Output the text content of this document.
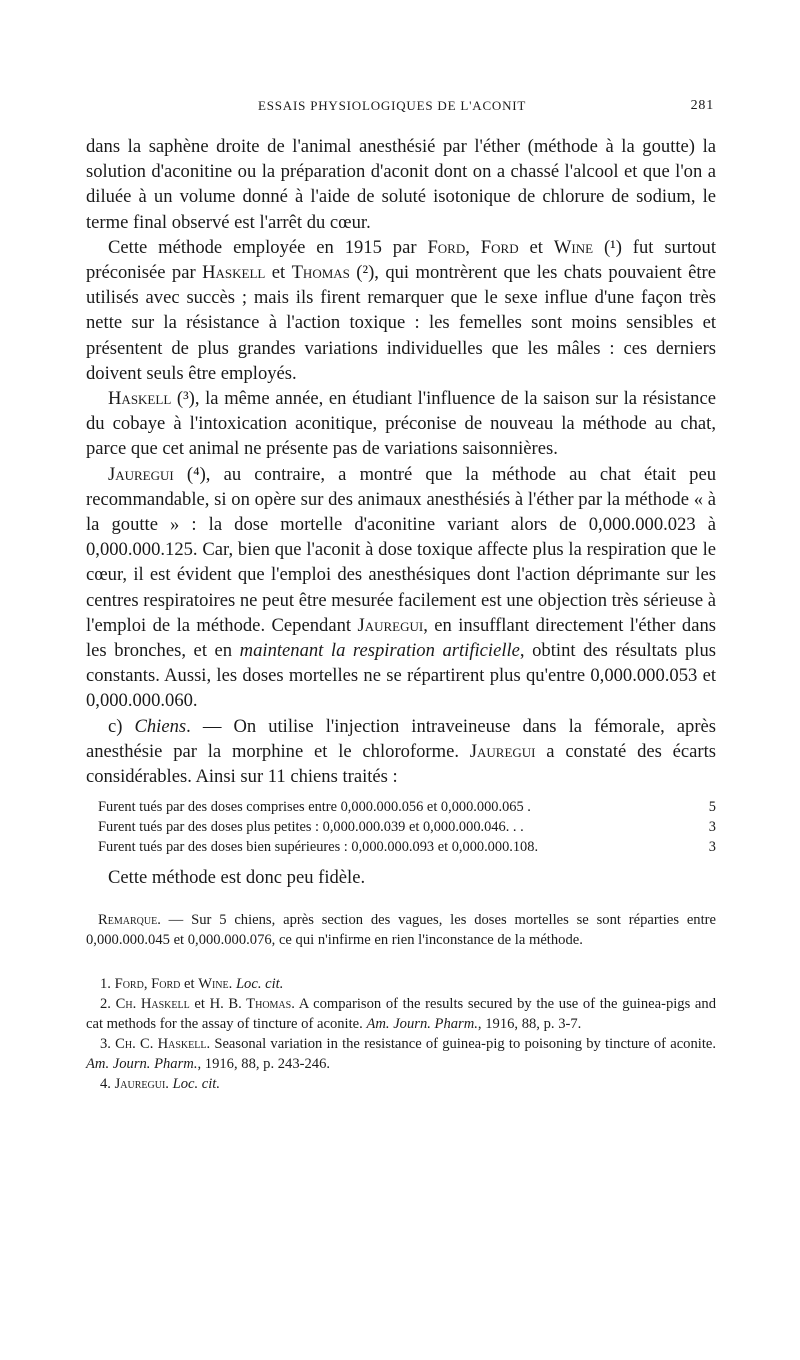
ESSAIS PHYSIOLOGIQUES DE L'ACONIT	281

dans la saphène droite de l'animal anesthésié par l'éther (méthode à la goutte) la solution d'aconitine ou la préparation d'aconit dont on a chassé l'alcool et que l'on a diluée à un volume donné à l'aide de soluté isotonique de chlorure de sodium, le terme final observé est l'arrêt du cœur.

Cette méthode employée en 1915 par Ford, Ford et Wine (¹) fut surtout préconisée par Haskell et Thomas (²), qui montrèrent que les chats pouvaient être utilisés avec succès ; mais ils firent remarquer que le sexe influe d'une façon très nette sur la résistance à l'action toxique : les femelles sont moins sensibles et présentent de plus grandes variations individuelles que les mâles : ces derniers doivent seuls être employés.

Haskell (³), la même année, en étudiant l'influence de la saison sur la résistance du cobaye à l'intoxication aconitique, préconise de nouveau la méthode au chat, parce que cet animal ne présente pas de variations saisonnières.

Jauregui (⁴), au contraire, a montré que la méthode au chat était peu recommandable, si on opère sur des animaux anesthésiés à l'éther par la méthode « à la goutte » : la dose mortelle d'aconitine variant alors de 0,000.000.023 à 0,000.000.125. Car, bien que l'aconit à dose toxique affecte plus la respiration que le cœur, il est évident que l'emploi des anesthésiques dont l'action déprimante sur les centres respiratoires ne peut être mesurée facilement est une objection très sérieuse à l'emploi de la méthode. Cependant Jauregui, en insufflant directement l'éther dans les bronches, et en maintenant la respiration artificielle, obtint des résultats plus constants. Aussi, les doses mortelles ne se répartirent plus qu'entre 0,000.000.053 et 0,000.000.060.

c) Chiens. — On utilise l'injection intraveineuse dans la fémorale, après anesthésie par la morphine et le chloroforme. Jauregui a constaté des écarts considérables. Ainsi sur 11 chiens traités :

Furent tués par des doses comprises entre 0,000.000.056 et 0,000.000.065 .	5
Furent tués par des doses plus petites : 0,000.000.039 et 0,000.000.046. . .	3
Furent tués par des doses bien supérieures : 0,000.000.093 et 0,000.000.108.	3

Cette méthode est donc peu fidèle.

Remarque. — Sur 5 chiens, après section des vagues, les doses mortelles se sont réparties entre 0,000.000.045 et 0,000.000.076, ce qui n'infirme en rien l'inconstance de la méthode.

1. Ford, Ford et Wine. Loc. cit.
2. Ch. Haskell et H. B. Thomas. A comparison of the results secured by the use of the guinea-pigs and cat methods for the assay of tincture of aconite. Am. Journ. Pharm., 1916, 88, p. 3-7.
3. Ch. C. Haskell. Seasonal variation in the resistance of guinea-pig to poisoning by tincture of aconite. Am. Journ. Pharm., 1916, 88, p. 243-246.
4. Jauregui. Loc. cit.
